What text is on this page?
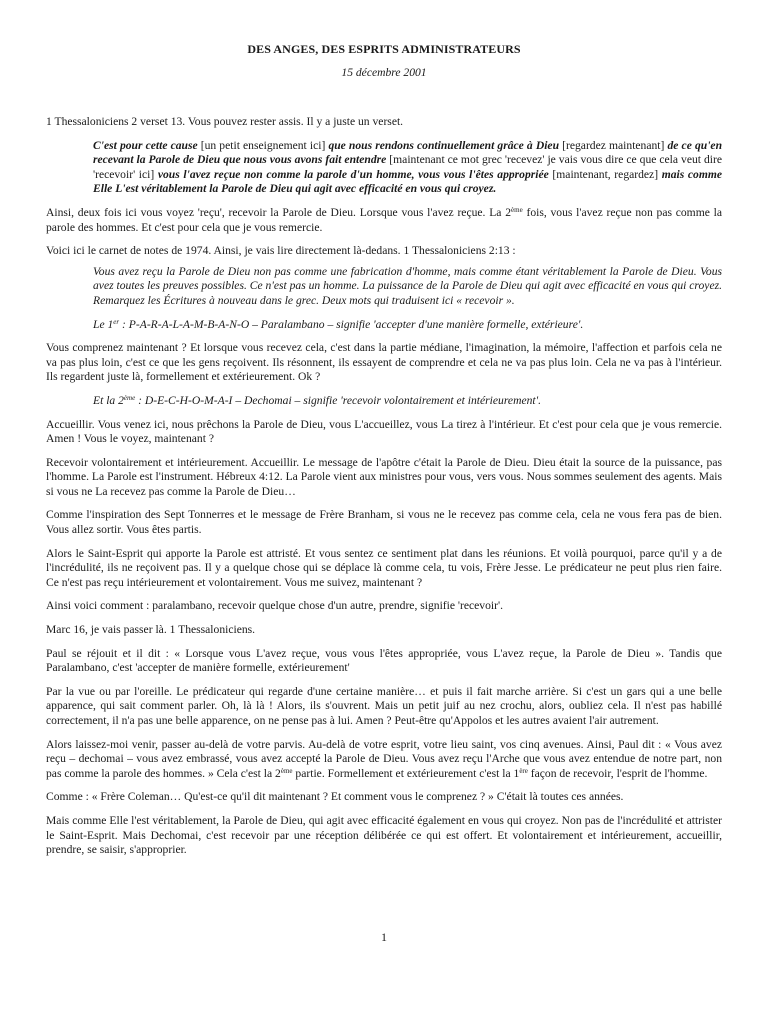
DES ANGES, DES ESPRITS ADMINISTRATEURS
15 décembre 2001

1 Thessaloniciens 2 verset 13. Vous pouvez rester assis. Il y a juste un verset.

C'est pour cette cause [un petit enseignement ici] que nous rendons continuellement grâce à Dieu [regardez maintenant] de ce qu'en recevant la Parole de Dieu que nous vous avons fait entendre [maintenant ce mot grec 'recevez' je vais vous dire ce que cela veut dire 'recevoir' ici] vous l'avez reçue non comme la parole d'un homme, vous vous l'êtes appropriée [maintenant, regardez] mais comme Elle L'est véritablement la Parole de Dieu qui agit avec efficacité en vous qui croyez.

Ainsi, deux fois ici vous voyez 'reçu', recevoir la Parole de Dieu. Lorsque vous l'avez reçue. La 2ème fois, vous l'avez reçue non pas comme la parole des hommes. Et c'est pour cela que je vous remercie.

Voici ici le carnet de notes de 1974. Ainsi, je vais lire directement là-dedans. 1 Thessaloniciens 2:13 :

Vous avez reçu la Parole de Dieu non pas comme une fabrication d'homme, mais comme étant véritablement la Parole de Dieu. Vous avez toutes les preuves possibles. Ce n'est pas un homme. La puissance de la Parole de Dieu qui agit avec efficacité en vous qui croyez. Remarquez les Écritures à nouveau dans le grec. Deux mots qui traduisent ici « recevoir ».

Le 1er : P-A-R-A-L-A-M-B-A-N-O – Paralambano – signifie 'accepter d'une manière formelle, extérieure'.

Vous comprenez maintenant ? Et lorsque vous recevez cela, c'est dans la partie médiane, l'imagination, la mémoire, l'affection et parfois cela ne va pas plus loin, c'est ce que les gens reçoivent. Ils résonnent, ils essayent de comprendre et cela ne va pas plus loin. Cela ne va pas à l'intérieur. Ils regardent juste là, formellement et extérieurement. Ok ?

Et la 2ème : D-E-C-H-O-M-A-I – Dechomai – signifie 'recevoir volontairement et intérieurement'.

Accueillir. Vous venez ici, nous prêchons la Parole de Dieu, vous L'accueillez, vous La tirez à l'intérieur. Et c'est pour cela que je vous remercie. Amen ! Vous le voyez, maintenant ?

Recevoir volontairement et intérieurement. Accueillir. Le message de l'apôtre c'était la Parole de Dieu. Dieu était la source de la puissance, pas l'homme. La Parole est l'instrument. Hébreux 4:12. La Parole vient aux ministres pour vous, vers vous. Nous sommes seulement des agents. Mais si vous ne La recevez pas comme la Parole de Dieu…

Comme l'inspiration des Sept Tonnerres et le message de Frère Branham, si vous ne le recevez pas comme cela, cela ne vous fera pas de bien. Vous allez sortir. Vous êtes partis.

Alors le Saint-Esprit qui apporte la Parole est attristé. Et vous sentez ce sentiment plat dans les réunions. Et voilà pourquoi, parce qu'il y a de l'incrédulité, ils ne reçoivent pas. Il y a quelque chose qui se déplace là comme cela, tu vois, Frère Jesse. Le prédicateur ne peut plus rien faire. Ce n'est pas reçu intérieurement et volontairement. Vous me suivez, maintenant ?

Ainsi voici comment : paralambano, recevoir quelque chose d'un autre, prendre, signifie 'recevoir'.

Marc 16, je vais passer là. 1 Thessaloniciens.

Paul se réjouit et il dit : « Lorsque vous L'avez reçue, vous vous l'êtes appropriée, vous L'avez reçue, la Parole de Dieu ». Tandis que Paralambano, c'est 'accepter de manière formelle, extérieurement'

Par la vue ou par l'oreille. Le prédicateur qui regarde d'une certaine manière… et puis il fait marche arrière. Si c'est un gars qui a une belle apparence, qui sait comment parler. Oh, là là ! Alors, ils s'ouvrent. Mais un petit juif au nez crochu, alors, oubliez cela. Il n'est pas habillé correctement, il n'a pas une belle apparence, on ne pense pas à lui. Amen ? Peut-être qu'Appolos et les autres avaient l'air autrement.

Alors laissez-moi venir, passer au-delà de votre parvis. Au-delà de votre esprit, votre lieu saint, vos cinq avenues. Ainsi, Paul dit : « Vous avez reçu – dechomai – vous avez embrassé, vous avez accepté la Parole de Dieu. Vous avez reçu l'Arche que vous avez entendue de notre part, non pas comme la parole des hommes. » Cela c'est la 2ème partie. Formellement et extérieurement c'est la 1ère façon de recevoir, l'esprit de l'homme.

Comme : « Frère Coleman… Qu'est-ce qu'il dit maintenant ? Et comment vous le comprenez ? » C'était là toutes ces années.

Mais comme Elle l'est véritablement, la Parole de Dieu, qui agit avec efficacité également en vous qui croyez. Non pas de l'incrédulité et attrister le Saint-Esprit. Mais Dechomai, c'est recevoir par une réception délibérée ce qui est offert. Et volontairement et intérieurement, accueillir, prendre, se saisir, s'approprier.

1
